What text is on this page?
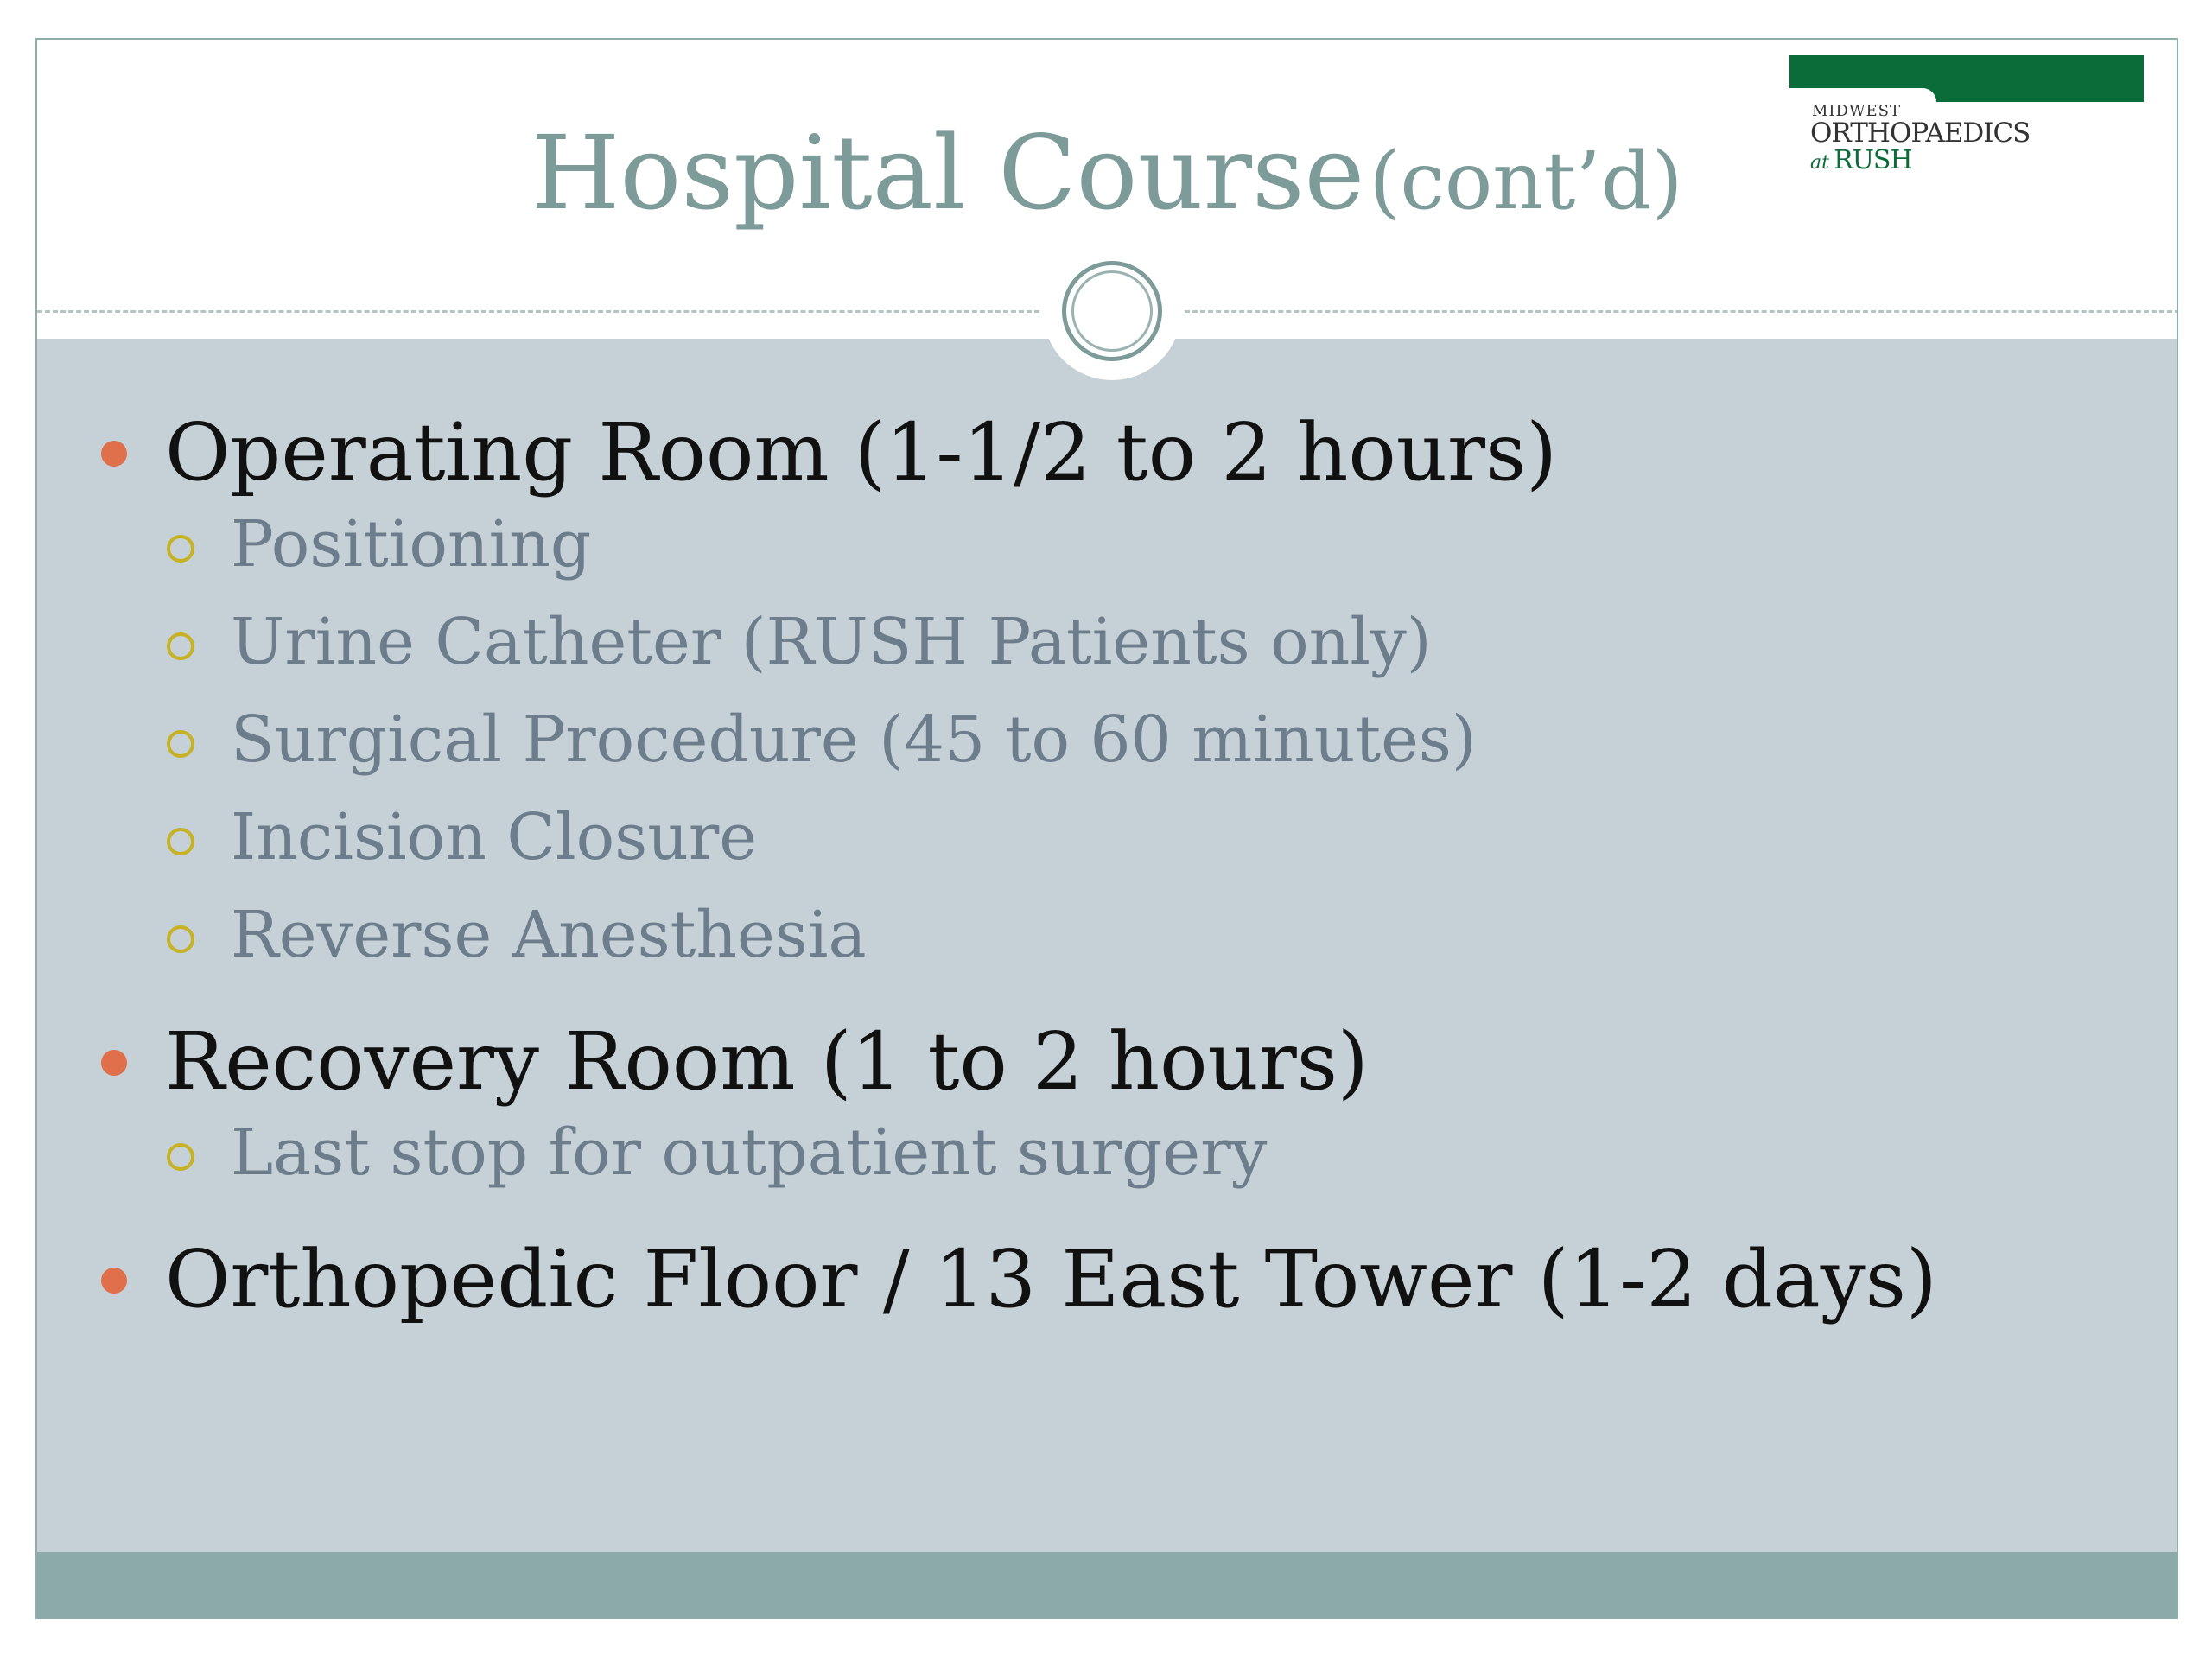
Hospital Course (cont’d)
MIDWEST
ORTHOPAEDICS
at RUSH
Operating Room (1-1/2 to 2 hours)
Positioning
Urine Catheter (RUSH Patients only)
Surgical Procedure (45 to 60 minutes)
Incision Closure
Reverse Anesthesia
Recovery Room (1 to 2 hours)
Last stop for outpatient surgery
Orthopedic Floor / 13 East Tower (1-2 days)
